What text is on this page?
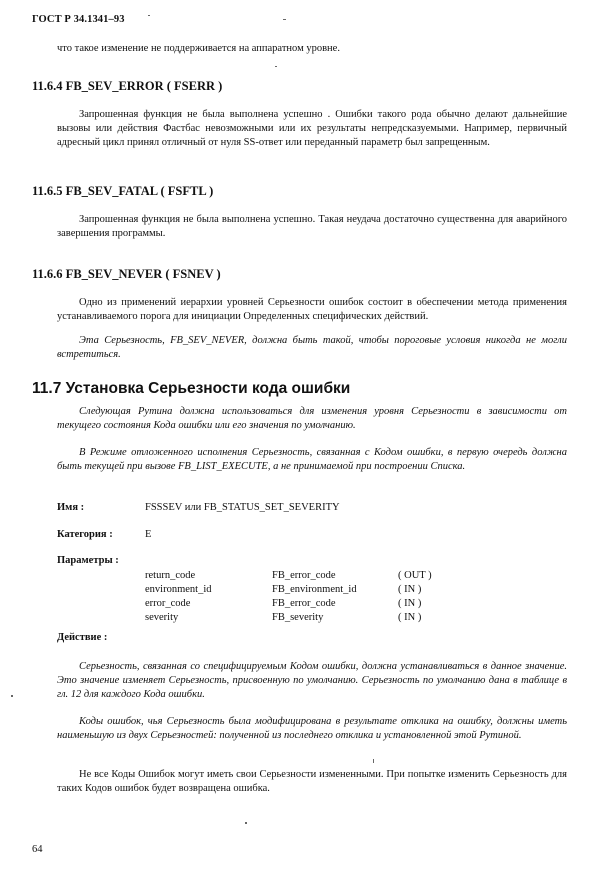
ГОСТ Р 34.1341–93
что такое изменение не поддерживается на аппаратном уровне.
11.6.4 FB_SEV_ERROR ( FSERR )
Запрошенная функция не была выполнена успешно . Ошибки такого рода обычно делают дальнейшие вызовы или действия Фастбас невозможными или их результаты непредсказуемыми. Например, первичный адресный цикл принял отличный от нуля SS-ответ или переданный параметр был запрещенным.
11.6.5 FB_SEV_FATAL ( FSFTL )
Запрошенная функция не была выполнена успешно. Такая неудача достаточно существенна для аварийного завершения программы.
11.6.6 FB_SEV_NEVER ( FSNEV )
Одно из применений иерархии уровней Серьезности ошибок состоит в обеспечении метода применения устанавливаемого порога для инициации Определенных специфических действий.
Эта Серьезность, FB_SEV_NEVER, должна быть такой, чтобы пороговые условия никогда не могли встретиться.
11.7 Установка Серьезности кода ошибки
Следующая Рутина должна использоваться для изменения уровня Серьезности в зависимости от текущего состояния Кода ошибки или его значения по умолчанию.
В Режиме отложенного исполнения Серьезность, связанная с Кодом ошибки, в первую очередь должна быть текущей при вызове FB_LIST_EXECUTE, а не принимаемой при построении Списка.
Имя :	FSSSEV или FB_STATUS_SET_SEVERITY
Категория :	E
Параметры :
return_code	FB_error_code	( OUT )
environment_id	FB_environment_id	( IN )
error_code	FB_error_code	( IN )
severity	FB_severity	( IN )
Действие :
Серьезность, связанная со специфицируемым Кодом ошибки, должна устанавливаться в данное значение. Это значение изменяет Серьезность, присвоенную по умолчанию. Серьезность по умолчанию дана в таблице в гл. 12 для каждого Кода ошибки.
Коды ошибок, чья Серьезность была модифицирована в результате отклика на ошибку, должны иметь наименьшую из двух Серьезностей: полученной из последнего отклика и установленной этой Рутиной.
Не все Коды Ошибок могут иметь свои Серьезности измененными. При попытке изменить Серьезность для таких Кодов ошибок будет возвращена ошибка.
64
